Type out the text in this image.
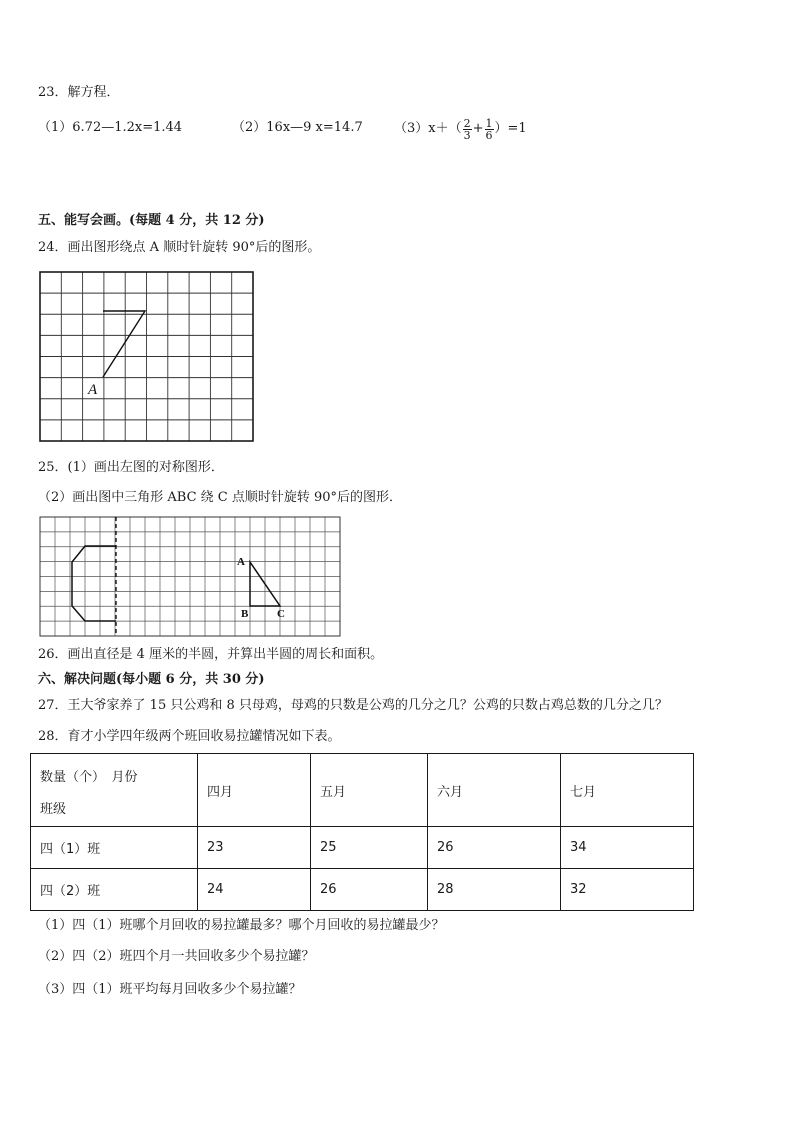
23．解方程．
（1）6.72—1.2x=1.44	（2）16x—9 x=14.7 $(3)x+( \frac{2}{3} + \frac{1}{6} )=1$
五、能写会画。(每题 4 分，共 12 分)
24．画出图形绕点 A 顺时针旋转 90°后的图形。
A
25．(1）画出左图的对称图形．
（2）画出图中三角形 ABC 绕 C 点顺时针旋转 90°后的图形．
A
B	C
26．画出直径是 4 厘米的半圆，并算出半圆的周长和面积。
六、解决问题(每小题 6 分，共 30 分)
27．王大爷家养了 15 只公鸡和 8 只母鸡，母鸡的只数是公鸡的几分之几？公鸡的只数占鸡总数的几分之几？
28．育才小学四年级两个班回收易拉罐情况如下表。
数量（个）　月份
班级	四月	五月	六月	七月
四（1）班	23	25	26	34
四（2）班	24	26	28	32
（1）四（1）班哪个月回收的易拉罐最多？哪个月回收的易拉罐最少？
（2）四（2）班四个月一共回收多少个易拉罐？
（3）四（1）班平均每月回收多少个易拉罐？
